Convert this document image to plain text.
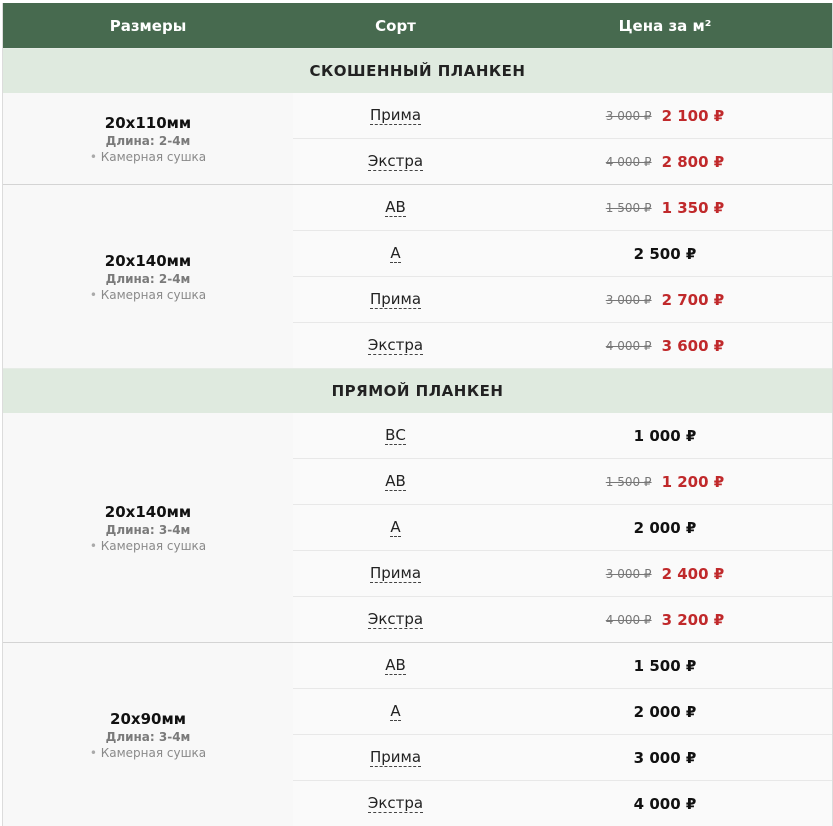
Размеры	Сорт	Цена за м²
СКОШЕННЫЙ ПЛАНКЕН
20x110мм
Длина: 2-4м
• Камерная сушка
Прима	3 000 ₽ 2 100 ₽
Экстра	4 000 ₽ 2 800 ₽
20x140мм
Длина: 2-4м
• Камерная сушка
АВ	1 500 ₽ 1 350 ₽
А	2 500 ₽
Прима	3 000 ₽ 2 700 ₽
Экстра	4 000 ₽ 3 600 ₽
ПРЯМОЙ ПЛАНКЕН
20x140мм
Длина: 3-4м
• Камерная сушка
ВС	1 000 ₽
АВ	1 500 ₽ 1 200 ₽
А	2 000 ₽
Прима	3 000 ₽ 2 400 ₽
Экстра	4 000 ₽ 3 200 ₽
20x90мм
Длина: 3-4м
• Камерная сушка
АВ	1 500 ₽
А	2 000 ₽
Прима	3 000 ₽
Экстра	4 000 ₽
